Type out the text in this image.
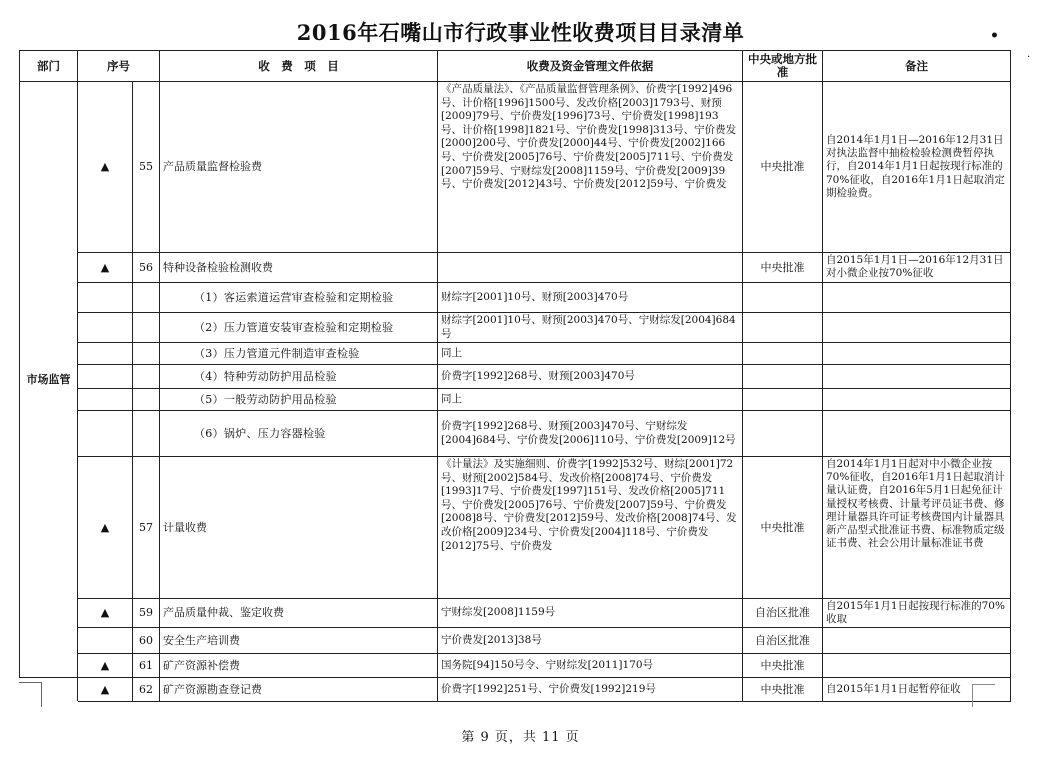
2016年石嘴山市行政事业性收费项目目录清单	•
·
部门	序号		收　费　项　目	收费及资金管理文件依据	中央或地方批准	备注
市场监管	▲	55	产品质量监督检验费	《产品质量法》、《产品质量监督管理条例》、价费字[1992]496号、计价格[1996]1500号、发改价格[2003]1793号、财预[2009]79号、宁价费发[1996]73号、宁价费发[1998]193号、计价格[1998]1821号、宁价费发[1998]313号、宁价费发[2000]200号、宁价费发[2000]44号、宁价费发[2002]166号、宁价费发[2005]76号、宁价费发[2005]711号、宁价费发[2007]59号、宁财综发[2008]1159号、宁价费发[2009]39号、宁价费发[2012]43号、宁价费发[2012]59号、宁价费发	中央批准	自2014年1月1日—2016年12月31日对执法监督中抽检检验检测费暂停执行，自2014年1月1日起按现行标准的70%征收，自2016年1月1日起取消定期检验费。
	▲	56	特种设备检验检测收费		中央批准	自2015年1月1日—2016年12月31日对小微企业按70%征收

			（1）客运索道运营审查检验和定期检验	财综字[2001]10号、财预[2003]470号		
			（2）压力管道安装审查检验和定期检验	财综字[2001]10号、财预[2003]470号、宁财综发[2004]684号		
			（3）压力管道元件制造审查检验	同上		
			（4）特种劳动防护用品检验	价费字[1992]268号、财预[2003]470号		
			（5）一般劳动防护用品检验	同上		
			（6）锅炉、压力容器检验	价费字[1992]268号、财预[2003]470号、宁财综发[2004]684号、宁价费发[2006]110号、宁价费发[2009]12号		
	▲	57	计量收费	《计量法》及实施细则、价费字[1992]532号、财综[2001]72号、财预[2002]584号、发改价格[2008]74号、宁价费发[1993]17号、宁价费发[1997]151号、发改价格[2005]711号、宁价费发[2005]76号、宁价费发[2007]59号、宁价费发[2008]8号、宁价费发[2012]59号、发改价格[2008]74号、发改价格[2009]234号、宁价费发[2004]118号、宁价费发[2012]75号、宁价费发	中央批准	自2014年1月1日起对中小微企业按70%征收，自2016年1月1日起取消计量认证费，自2016年5月1日起免征计量授权考核费、计量考评员证书费、修理计量器具许可证考核费国内计量器具新产品型式批准证书费、标准物质定级证书费、社会公用计量标准证书费

	▲	59	产品质量仲裁、鉴定收费	宁财综发[2008]1159号	自治区批准	自2015年1月1日起按现行标准的70%收取

		60	安全生产培训费	宁价费发[2013]38号	自治区批准	
	▲	61	矿产资源补偿费	国务院[94]150号令、宁财综发[2011]170号	中央批准	
	▲	62	矿产资源勘查登记费	价费字[1992]251号、宁价费发[1992]219号	中央批准	自2015年1月1日起暂停征收
第 9 页，共 11 页
